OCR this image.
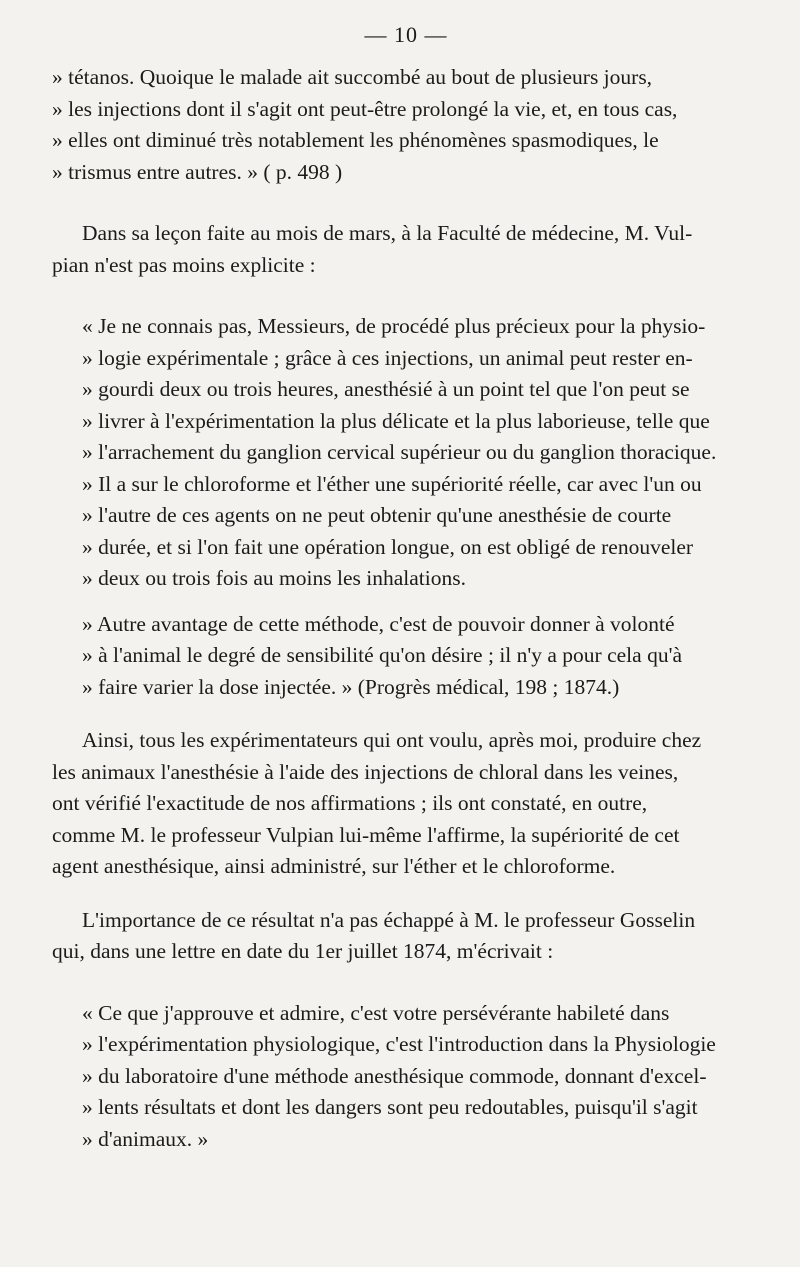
— 10 —
» tétanos. Quoique le malade ait succombé au bout de plusieurs jours,
» les injections dont il s'agit ont peut-être prolongé la vie, et, en tous cas,
» elles ont diminué très notablement les phénomènes spasmodiques, le
» trismus entre autres. » ( p. 498 )
Dans sa leçon faite au mois de mars, à la Faculté de médecine, M. Vul-
pian n'est pas moins explicite :
« Je ne connais pas, Messieurs, de procédé plus précieux pour la physio-
» logie expérimentale ; grâce à ces injections, un animal peut rester en-
» gourdi deux ou trois heures, anesthésié à un point tel que l'on peut se
» livrer à l'expérimentation la plus délicate et la plus laborieuse, telle que
» l'arrachement du ganglion cervical supérieur ou du ganglion thoracique.
» Il a sur le chloroforme et l'éther une supériorité réelle, car avec l'un ou
» l'autre de ces agents on ne peut obtenir qu'une anesthésie de courte
» durée, et si l'on fait une opération longue, on est obligé de renouveler
» deux ou trois fois au moins les inhalations.
» Autre avantage de cette méthode, c'est de pouvoir donner à volonté
» à l'animal le degré de sensibilité qu'on désire ; il n'y a pour cela qu'à
» faire varier la dose injectée. » (Progrès médical, 198 ; 1874.)
Ainsi, tous les expérimentateurs qui ont voulu, après moi, produire chez
les animaux l'anesthésie à l'aide des injections de chloral dans les veines,
ont vérifié l'exactitude de nos affirmations ; ils ont constaté, en outre,
comme M. le professeur Vulpian lui-même l'affirme, la supériorité de cet
agent anesthésique, ainsi administré, sur l'éther et le chloroforme.
L'importance de ce résultat n'a pas échappé à M. le professeur Gosselin
qui, dans une lettre en date du 1er juillet 1874, m'écrivait :
« Ce que j'approuve et admire, c'est votre persévérante habileté dans
» l'expérimentation physiologique, c'est l'introduction dans la Physiologie
» du laboratoire d'une méthode anesthésique commode, donnant d'excel-
» lents résultats et dont les dangers sont peu redoutables, puisqu'il s'agit
» d'animaux. »
